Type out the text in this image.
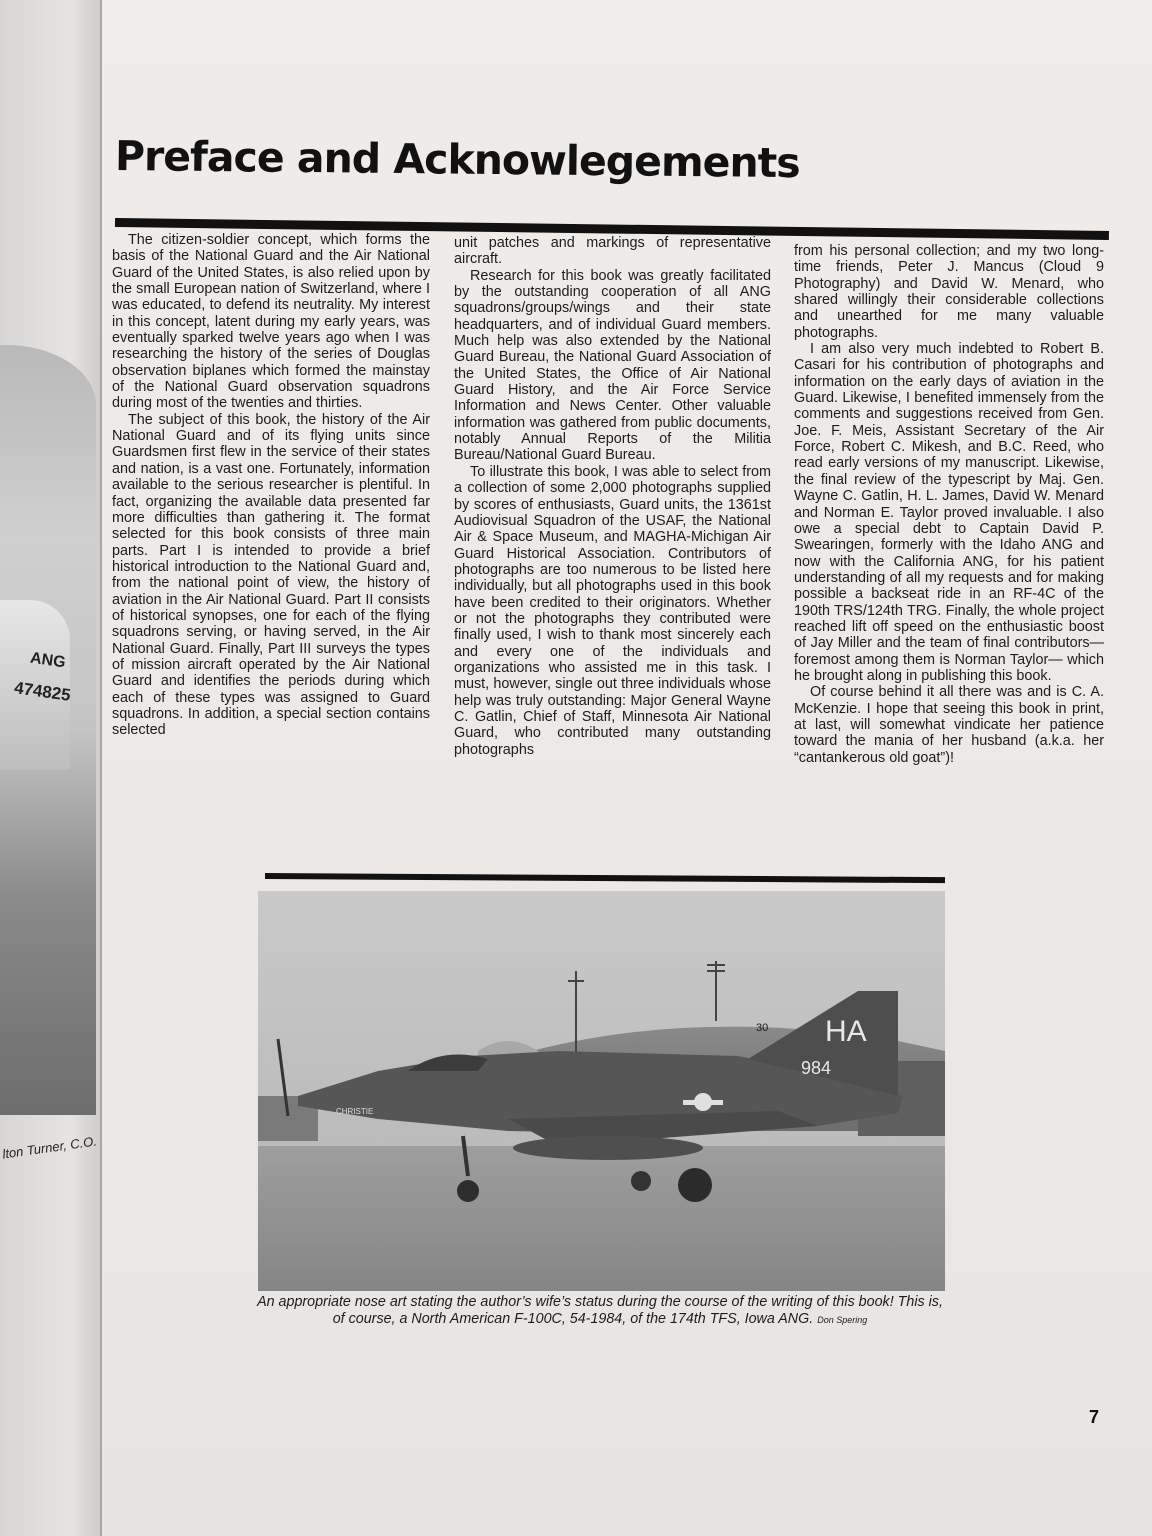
ANG
474825
lton Turner, C.O.
Preface and Acknowlegements

The citizen-soldier concept, which forms the basis of the National Guard and the Air National Guard of the United States, is also relied upon by the small European nation of Switzerland, where I was educated, to defend its neutrality. My interest in this concept, latent during my early years, was eventually sparked twelve years ago when I was researching the history of the series of Douglas observation biplanes which formed the mainstay of the National Guard observation squadrons during most of the twenties and thirties.

The subject of this book, the history of the Air National Guard and of its flying units since Guardsmen first flew in the service of their states and nation, is a vast one. Fortunately, information available to the serious researcher is plentiful. In fact, organizing the available data presented far more difficulties than gathering it. The format selected for this book consists of three main parts. Part I is intended to provide a brief historical introduction to the National Guard and, from the national point of view, the history of aviation in the Air National Guard. Part II consists of historical synopses, one for each of the flying squadrons serving, or having served, in the Air National Guard. Finally, Part III surveys the types of mission aircraft operated by the Air National Guard and identifies the periods during which each of these types was assigned to Guard squadrons. In addition, a special section contains selected

unit patches and markings of representative aircraft.

Research for this book was greatly facilitated by the outstanding cooperation of all ANG squadrons/groups/wings and their state headquarters, and of individual Guard members. Much help was also extended by the National Guard Bureau, the National Guard Association of the United States, the Office of Air National Guard History, and the Air Force Service Information and News Center. Other valuable information was gathered from public documents, notably Annual Reports of the Militia Bureau/National Guard Bureau.

To illustrate this book, I was able to select from a collection of some 2,000 photographs supplied by scores of enthusiasts, Guard units, the 1361st Audiovisual Squadron of the USAF, the National Air & Space Museum, and MAGHA-Michigan Air Guard Historical Association. Contributors of photographs are too numerous to be listed here individually, but all photographs used in this book have been credited to their originators. Whether or not the photographs they contributed were finally used, I wish to thank most sincerely each and every one of the individuals and organizations who assisted me in this task. I must, however, single out three individuals whose help was truly outstanding: Major General Wayne C. Gatlin, Chief of Staff, Minnesota Air National Guard, who contributed many outstanding photographs

from his personal collection; and my two long-time friends, Peter J. Mancus (Cloud 9 Photography) and David W. Menard, who shared willingly their considerable collections and unearthed for me many valuable photographs.

I am also very much indebted to Robert B. Casari for his contribution of photographs and information on the early days of aviation in the Guard. Likewise, I benefited immensely from the comments and suggestions received from Gen. Joe. F. Meis, Assistant Secretary of the Air Force, Robert C. Mikesh, and B.C. Reed, who read early versions of my manuscript. Likewise, the final review of the typescript by Maj. Gen. Wayne C. Gatlin, H. L. James, David W. Menard and Norman E. Taylor proved invaluable. I also owe a special debt to Captain David P. Swearingen, formerly with the Idaho ANG and now with the California ANG, for his patient understanding of all my requests and for making possible a backseat ride in an RF-4C of the 190th TRS/124th TRG. Finally, the whole project reached lift off speed on the enthusiastic boost of Jay Miller and the team of final contributors— foremost among them is Norman Taylor— which he brought along in publishing this book.

Of course behind it all there was and is C. A. McKenzie. I hope that seeing this book in print, at last, will somewhat vindicate her patience toward the mania of her husband (a.k.a. her “cantankerous old goat”)!

HA
984
30
CHRISTIE
An appropriate nose art stating the author’s wife’s status during the course of the writing of this book! This is,
of course, a North American F-100C, 54-1984, of the 174th TFS, Iowa ANG. Don Spering
7
